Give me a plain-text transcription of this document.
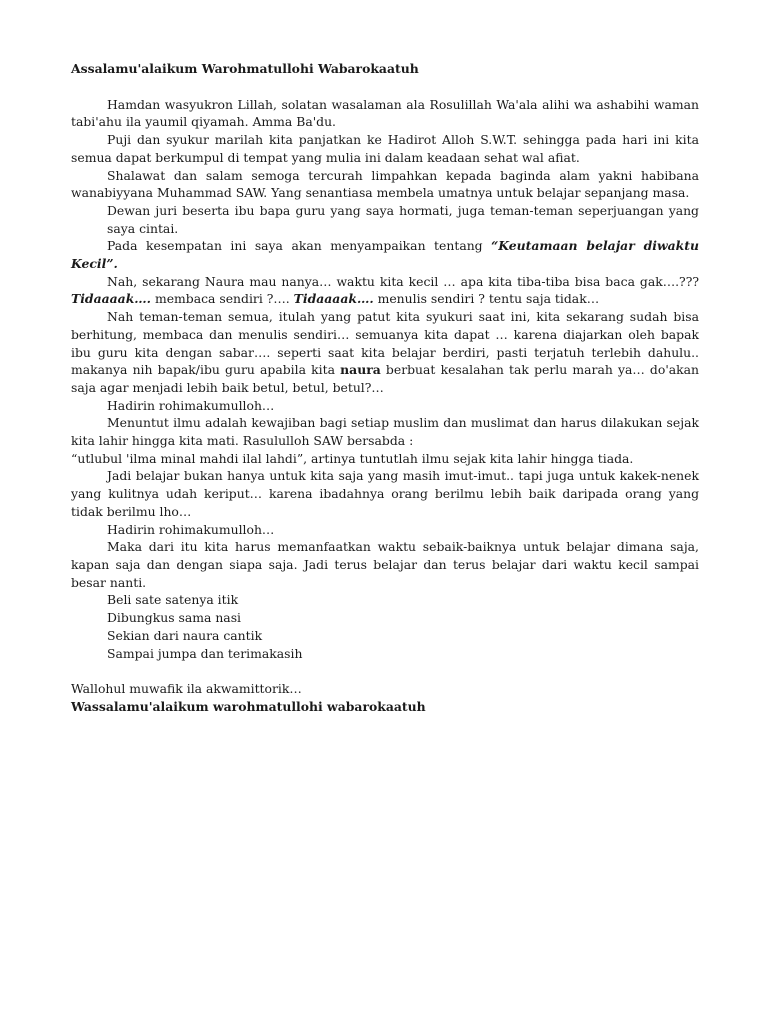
Assalamu'alaikum Warohmatullohi Wabarokaatuh

Hamdan wasyukron Lillah, solatan wasalaman ala Rosulillah Wa'ala alihi wa ashabihi waman tabi'ahu ila yaumil qiyamah. Amma Ba'du.

Puji dan syukur marilah kita panjatkan ke Hadirot Alloh S.W.T. sehingga pada hari ini kita semua dapat berkumpul di tempat yang mulia ini dalam keadaan sehat wal afiat.

Shalawat dan salam semoga tercurah limpahkan kepada baginda alam yakni habibana wanabiyyana Muhammad SAW. Yang senantiasa membela umatnya untuk belajar sepanjang masa.

Dewan juri beserta ibu bapa guru yang saya hormati, juga teman-teman seperjuangan yang saya cintai.

Pada kesempatan ini saya akan menyampaikan tentang “Keutamaan belajar diwaktu Kecil”.

Nah, sekarang Naura mau nanya… waktu kita kecil … apa kita tiba-tiba bisa baca gak….??? Tidaaaak…. membaca sendiri ?…. Tidaaaak…. menulis sendiri ? tentu saja tidak…

Nah teman-teman semua, itulah yang patut kita syukuri saat ini, kita sekarang sudah bisa berhitung, membaca dan menulis sendiri… semuanya kita dapat … karena diajarkan oleh bapak ibu guru kita dengan sabar…. seperti saat kita belajar berdiri, pasti terjatuh terlebih dahulu.. makanya nih bapak/ibu guru apabila kita naura berbuat kesalahan tak perlu marah ya… do'akan saja agar menjadi lebih baik betul, betul, betul?…

Hadirin rohimakumulloh…

Menuntut ilmu adalah kewajiban bagi setiap muslim dan muslimat dan harus dilakukan sejak kita lahir hingga kita mati. Rasululloh SAW bersabda :

“utlubul 'ilma minal mahdi ilal lahdi”, artinya tuntutlah ilmu sejak kita lahir hingga tiada.

Jadi belajar bukan hanya untuk kita saja yang masih imut-imut.. tapi juga untuk kakek-nenek yang kulitnya udah keriput… karena ibadahnya orang berilmu lebih baik daripada orang yang tidak berilmu lho…

Hadirin rohimakumulloh…

Maka dari itu kita harus memanfaatkan waktu sebaik-baiknya untuk belajar dimana saja, kapan saja dan dengan siapa saja. Jadi terus belajar dan terus belajar dari waktu kecil sampai besar nanti.

Beli sate satenya itik

Dibungkus sama nasi

Sekian dari naura cantik

Sampai jumpa dan terimakasih

Wallohul muwafik ila akwamittorik…

Wassalamu'alaikum warohmatullohi wabarokaatuh
